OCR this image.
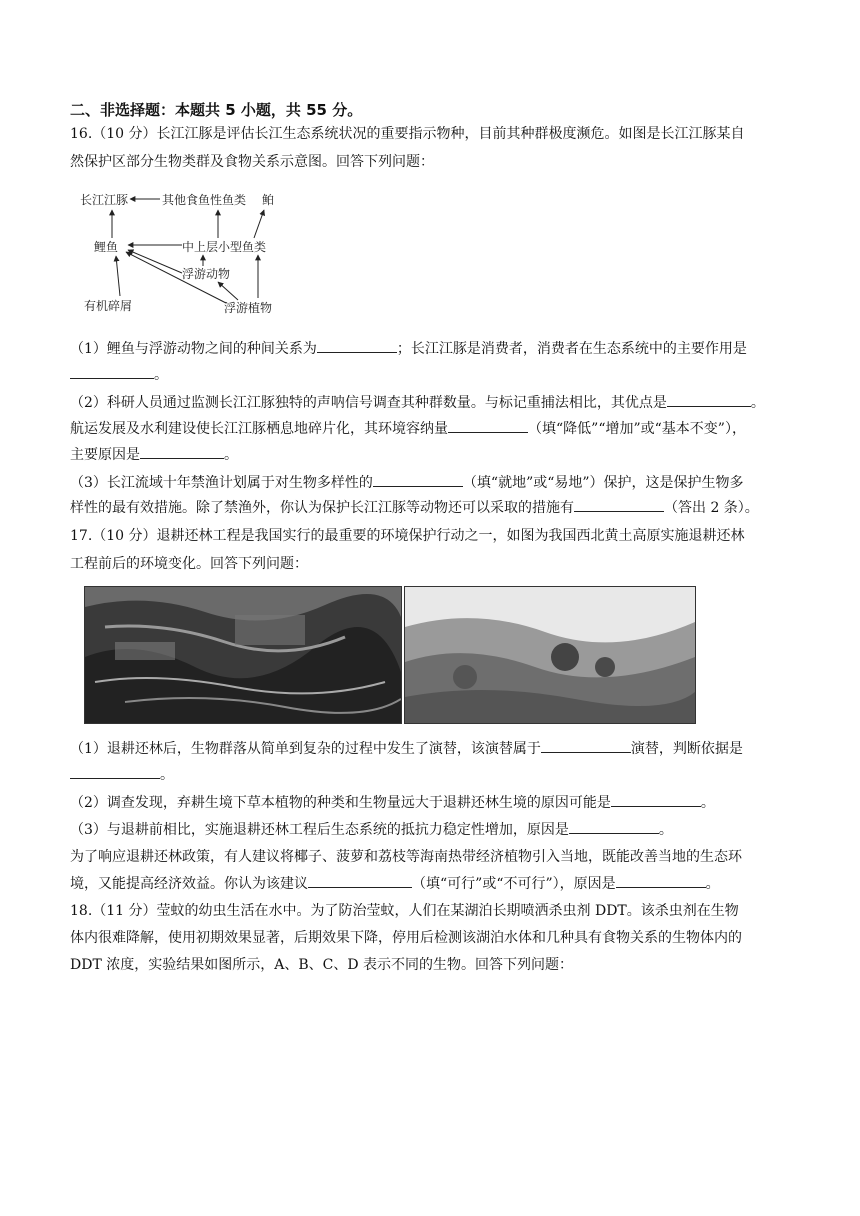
二、非选择题：本题共 5 小题，共 55 分。
16.（10 分）长江江豚是评估长江生态系统状况的重要指示物种，目前其种群极度濒危。如图是长江江豚某自
然保护区部分生物类群及食物关系示意图。回答下列问题：
长江江豚	其他食鱼性鱼类 鲌
鲤鱼	中上层小型鱼类
浮游动物
有机碎屑	浮游植物
（1）鲤鱼与浮游动物之间的种间关系为	；长江江豚是消费者，消费者在生态系统中的主要作用是
。
（2）科研人员通过监测长江江豚独特的声呐信号调查其种群数量。与标记重捕法相比，其优点是	。
航运发展及水利建设使长江江豚栖息地碎片化，其环境容纳量	（填“降低”“增加”或“基本不变”），
主要原因是	。
（3）长江流域十年禁渔计划属于对生物多样性的	（填“就地”或“易地”）保护，这是保护生物多
样性的最有效措施。除了禁渔外，你认为保护长江江豚等动物还可以采取的措施有	（答出 2 条）。
17.（10 分）退耕还林工程是我国实行的最重要的环境保护行动之一，如图为我国西北黄土高原实施退耕还林
工程前后的环境变化。回答下列问题：
（1）退耕还林后，生物群落从简单到复杂的过程中发生了演替，该演替属于	演替，判断依据是
。
（2）调查发现，弃耕生境下草本植物的种类和生物量远大于退耕还林生境的原因可能是	。
（3）与退耕前相比，实施退耕还林工程后生态系统的抵抗力稳定性增加，原因是	。
为了响应退耕还林政策，有人建议将椰子、菠萝和荔枝等海南热带经济植物引入当地，既能改善当地的生态环
境，又能提高经济效益。你认为该建议	（填“可行”或“不可行”），原因是	。
18.（11 分）莹蚊的幼虫生活在水中。为了防治莹蚊，人们在某湖泊长期喷洒杀虫剂 DDT。该杀虫剂在生物
体内很难降解，使用初期效果显著，后期效果下降，停用后检测该湖泊水体和几种具有食物关系的生物体内的
DDT 浓度，实验结果如图所示，A、B、C、D 表示不同的生物。回答下列问题：
